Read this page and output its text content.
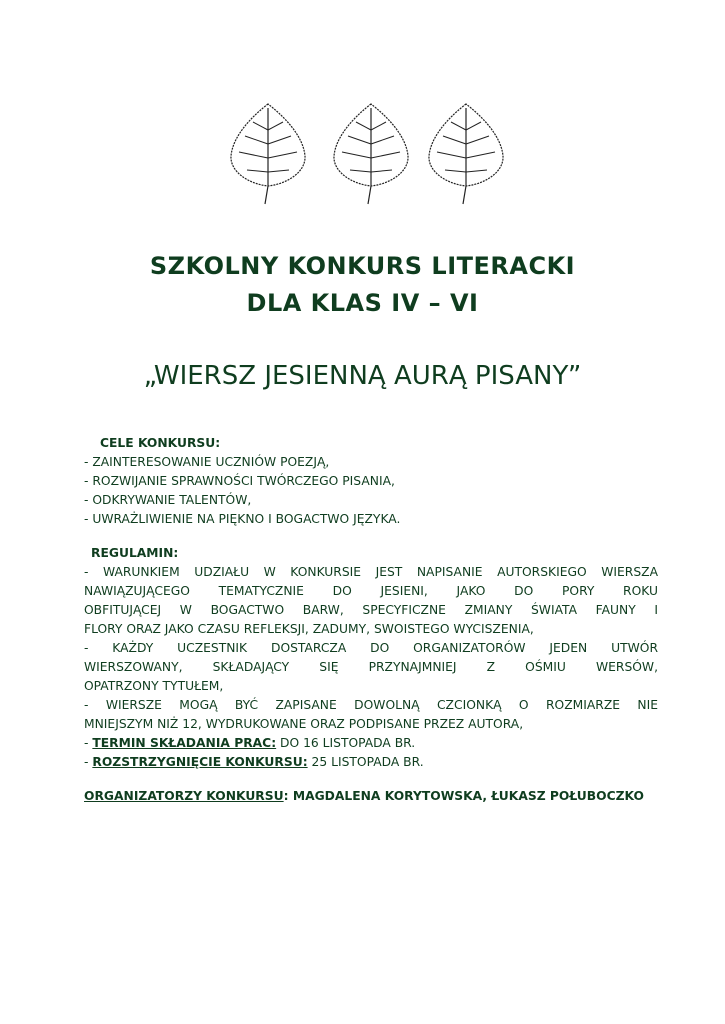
SZKOLNY KONKURS LITERACKI
DLA KLAS IV – VI
„WIERSZ JESIENNĄ AURĄ PISANY”

CELE KONKURSU:

- ZAINTERESOWANIE UCZNIÓW POEZJĄ,

- ROZWIJANIE SPRAWNOŚCI TWÓRCZEGO PISANIA,

- ODKRYWANIE TALENTÓW,

- UWRAŻLIWIENIE NA PIĘKNO I BOGACTWO JĘZYKA.

REGULAMIN:

- WARUNKIEM UDZIAŁU W KONKURSIE JEST NAPISANIE AUTORSKIEGO WIERSZA

NAWIĄZUJĄCEGO TEMATYCZNIE DO JESIENI, JAKO DO PORY ROKU

OBFITUJĄCEJ W BOGACTWO BARW, SPECYFICZNE ZMIANY ŚWIATA FAUNY I

FLORY ORAZ JAKO CZASU REFLEKSJI, ZADUMY, SWOISTEGO WYCISZENIA,

- KAŻDY UCZESTNIK DOSTARCZA DO ORGANIZATORÓW JEDEN UTWÓR

WIERSZOWANY, SKŁADAJĄCY SIĘ PRZYNAJMNIEJ Z OŚMIU WERSÓW,

OPATRZONY TYTUŁEM,

- WIERSZE MOGĄ BYĆ ZAPISANE DOWOLNĄ CZCIONKĄ O ROZMIARZE NIE

MNIEJSZYM NIŻ 12, WYDRUKOWANE ORAZ PODPISANE PRZEZ AUTORA,

- TERMIN SKŁADANIA PRAC: DO 16 LISTOPADA BR.

- ROZSTRZYGNIĘCIE KONKURSU: 25 LISTOPADA BR.

ORGANIZATORZY KONKURSU: MAGDALENA KORYTOWSKA, ŁUKASZ POŁUBOCZKO
